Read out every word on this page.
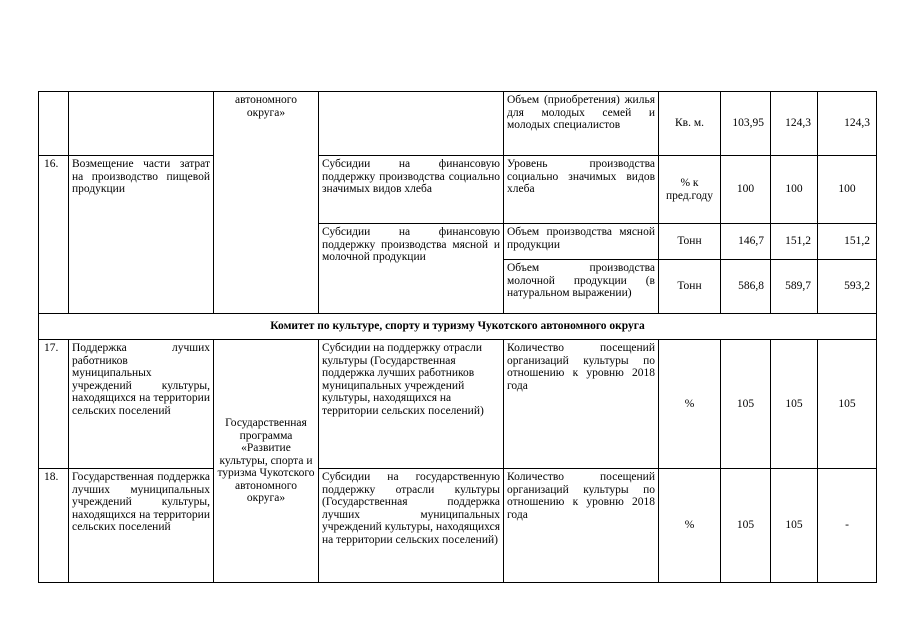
		автономного округа»		Объем (приобретения) жилья для молодых семей и молодых специалистов	Кв. м.	103,95	124,3	124,3
16.	Возмещение части затрат на производство пищевой продукции		Субсидии на финансовую поддержку производства социально значимых видов хлеба	Уровень производства социально значимых видов хлеба	% к пред.году	100	100	100
			Субсидии на финансовую поддержку производства мясной и молочной продукции	Объем производства мясной продукции	Тонн	146,7	151,2	151,2
				Объем производства молочной продукции (в натуральном выражении)	Тонн	586,8	589,7	593,2
Комитет по культуре, спорту и туризму Чукотского автономного округа								
17.	Поддержка лучших работников муниципальных учреждений культуры, находящихся на территории сельских поселений	Государственная программа «Развитие культуры, спорта и туризма Чукотского автономного округа»	Субсидии на поддержку отрасли культуры (Государственная поддержка лучших работников муниципальных учреждений культуры, находящихся на территории сельских поселений)	Количество посещений организаций культуры по отношению к уровню 2018 года	%	105	105	105
18.	Государственная поддержка лучших муниципальных учреждений культуры, находящихся на территории сельских поселений		Субсидии на государственную поддержку отрасли культуры (Государственная поддержка лучших муниципальных учреждений культуры, находящихся на территории сельских поселений)	Количество посещений организаций культуры по отношению к уровню 2018 года	%	105	105	-
